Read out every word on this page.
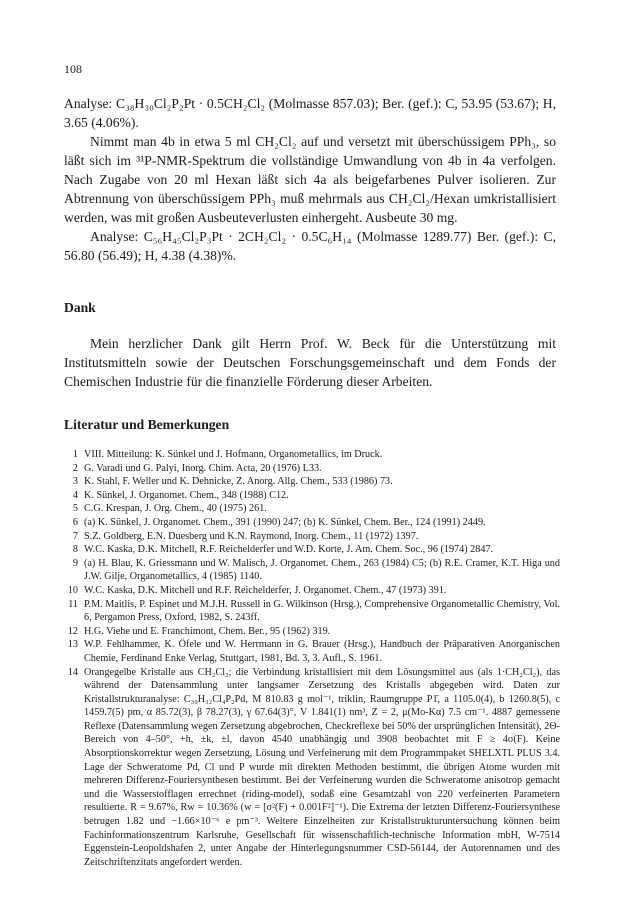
108

Analyse: C₃₈H₃₀Cl₂P₂Pt · 0.5CH₂Cl₂ (Molmasse 857.03); Ber. (gef.): C, 53.95 (53.67); H, 3.65 (4.06%).

Nimmt man 4b in etwa 5 ml CH₂Cl₂ auf und versetzt mit überschüssigem PPh₃, so läßt sich im ³¹P-NMR-Spektrum die vollständige Umwandlung von 4b in 4a verfolgen. Nach Zugabe von 20 ml Hexan läßt sich 4a als beigefarbenes Pulver isolieren. Zur Abtrennung von überschüssigem PPh₃ muß mehrmals aus CH₂Cl₂/Hexan umkristallisiert werden, was mit großen Ausbeuteverlusten einhergeht. Ausbeute 30 mg.

Analyse: C₅₆H₄₅Cl₂P₃Pt · 2CH₂Cl₂ · 0.5C₆H₁₄ (Molmasse 1289.77) Ber. (gef.): C, 56.80 (56.49); H, 4.38 (4.38)%.

Dank

Mein herzlicher Dank gilt Herrn Prof. W. Beck für die Unterstützung mit Institutsmitteln sowie der Deutschen Forschungsgemeinschaft und dem Fonds der Chemischen Industrie für die finanzielle Förderung dieser Arbeiten.

Literatur und Bemerkungen
1 VIII. Mitteilung: K. Sünkel und J. Hofmann, Organometallics, im Druck.
2 G. Varadi und G. Palyi, Inorg. Chim. Acta, 20 (1976) L33.
3 K. Stahl, F. Weller und K. Dehnicke, Z. Anorg. Allg. Chem., 533 (1986) 73.
4 K. Sünkel, J. Organomet. Chem., 348 (1988) C12.
5 C.G. Krespan, J. Org. Chem., 40 (1975) 261.
6 (a) K. Sünkel, J. Organomet. Chem., 391 (1990) 247; (b) K. Sünkel, Chem. Ber., 124 (1991) 2449.
7 S.Z. Goldberg, E.N. Duesberg und K.N. Raymond, Inorg. Chem., 11 (1972) 1397.
8 W.C. Kaska, D.K. Mitchell, R.F. Reichelderfer und W.D. Korte, J. Am. Chem. Soc., 96 (1974) 2847.
9 (a) H. Blau, K. Griessmann und W. Malisch, J. Organomet. Chem., 263 (1984) C5; (b) R.E. Cramer, K.T. Higa und J.W. Gilje, Organometallics, 4 (1985) 1140.
10 W.C. Kaska, D.K. Mitchell und R.F. Reichelderfer, J. Organomet. Chem., 47 (1973) 391.
11 P.M. Maitlis, P. Espinet und M.J.H. Russell in G. Wilkinson (Hrsg.), Comprehensive Organometallic Chemistry, Vol. 6, Pergamon Press, Oxford, 1982, S. 243ff.
12 H.G. Viehe und E. Franchimont, Chem. Ber., 95 (1962) 319.
13 W.P. Fehlhammer, K. Öfele und W. Herrmann in G. Brauer (Hrsg.), Handbuch der Präparativen Anorganischen Chemie, Ferdinand Enke Verlag, Stuttgart, 1981, Bd. 3, 3. Aufl., S. 1961.
14 Orangegelbe Kristalle aus CH₂Cl₂; die Verbindung kristallisiert mit dem Lösungsmittel aus (als 1·CH₂Cl₂), das während der Datensammlung unter langsamer Zersetzung des Kristalls abgegeben wird. Daten zur Kristallstrukturanalyse: C₃₉H₃₂Cl₄P₂Pd, M 810.83 g mol⁻¹, triklin, Raumgruppe P1̄, a 1105.0(4), b 1260.8(5), c 1459.7(5) pm, α 85.72(3), β 78.27(3), γ 67.64(3)°, V 1.841(1) nm³, Z = 2, μ(Mo-Kα) 7.5 cm⁻¹. 4887 gemessene Reflexe (Datensammlung wegen Zersetzung abgebrochen, Checkreflexe bei 50% der ursprünglichen Intensität), 2Θ-Bereich von 4–50°, +h, ±k, ±l, davon 4540 unabhängig und 3908 beobachtet mit F ≥ 4σ(F). Keine Absorptionskorrektur wegen Zersetzung, Lösung und Verfeinerung mit dem Programmpaket SHELXTL PLUS 3.4. Lage der Schweratome Pd, Cl und P wurde mit direkten Methoden bestimmt, die übrigen Atome wurden mit mehreren Differenz-Fouriersynthesen bestimmt. Bei der Verfeinerung wurden die Schweratome anisotrop gemacht und die Wasserstofflagen errechnet (riding-model), sodaß eine Gesamtzahl von 220 verfeinerten Parametern resultierte. R = 9.67%, Rw = 10.36% (w = [σ²(F) + 0.001F²]⁻¹). Die Extrema der letzten Differenz-Fouriersynthese betrugen 1.82 und −1.66×10⁻⁶ e pm⁻³. Weitere Einzelheiten zur Kristallstrukturuntersuchung können beim Fachinformationszentrum Karlsruhe, Gesellschaft für wissenschaftlich-technische Information mbH, W-7514 Eggenstein-Leopoldshafen 2, unter Angabe der Hinterlegungsnummer CSD-56144, der Autorennamen und des Zeitschriftenzitats angefordert werden.
